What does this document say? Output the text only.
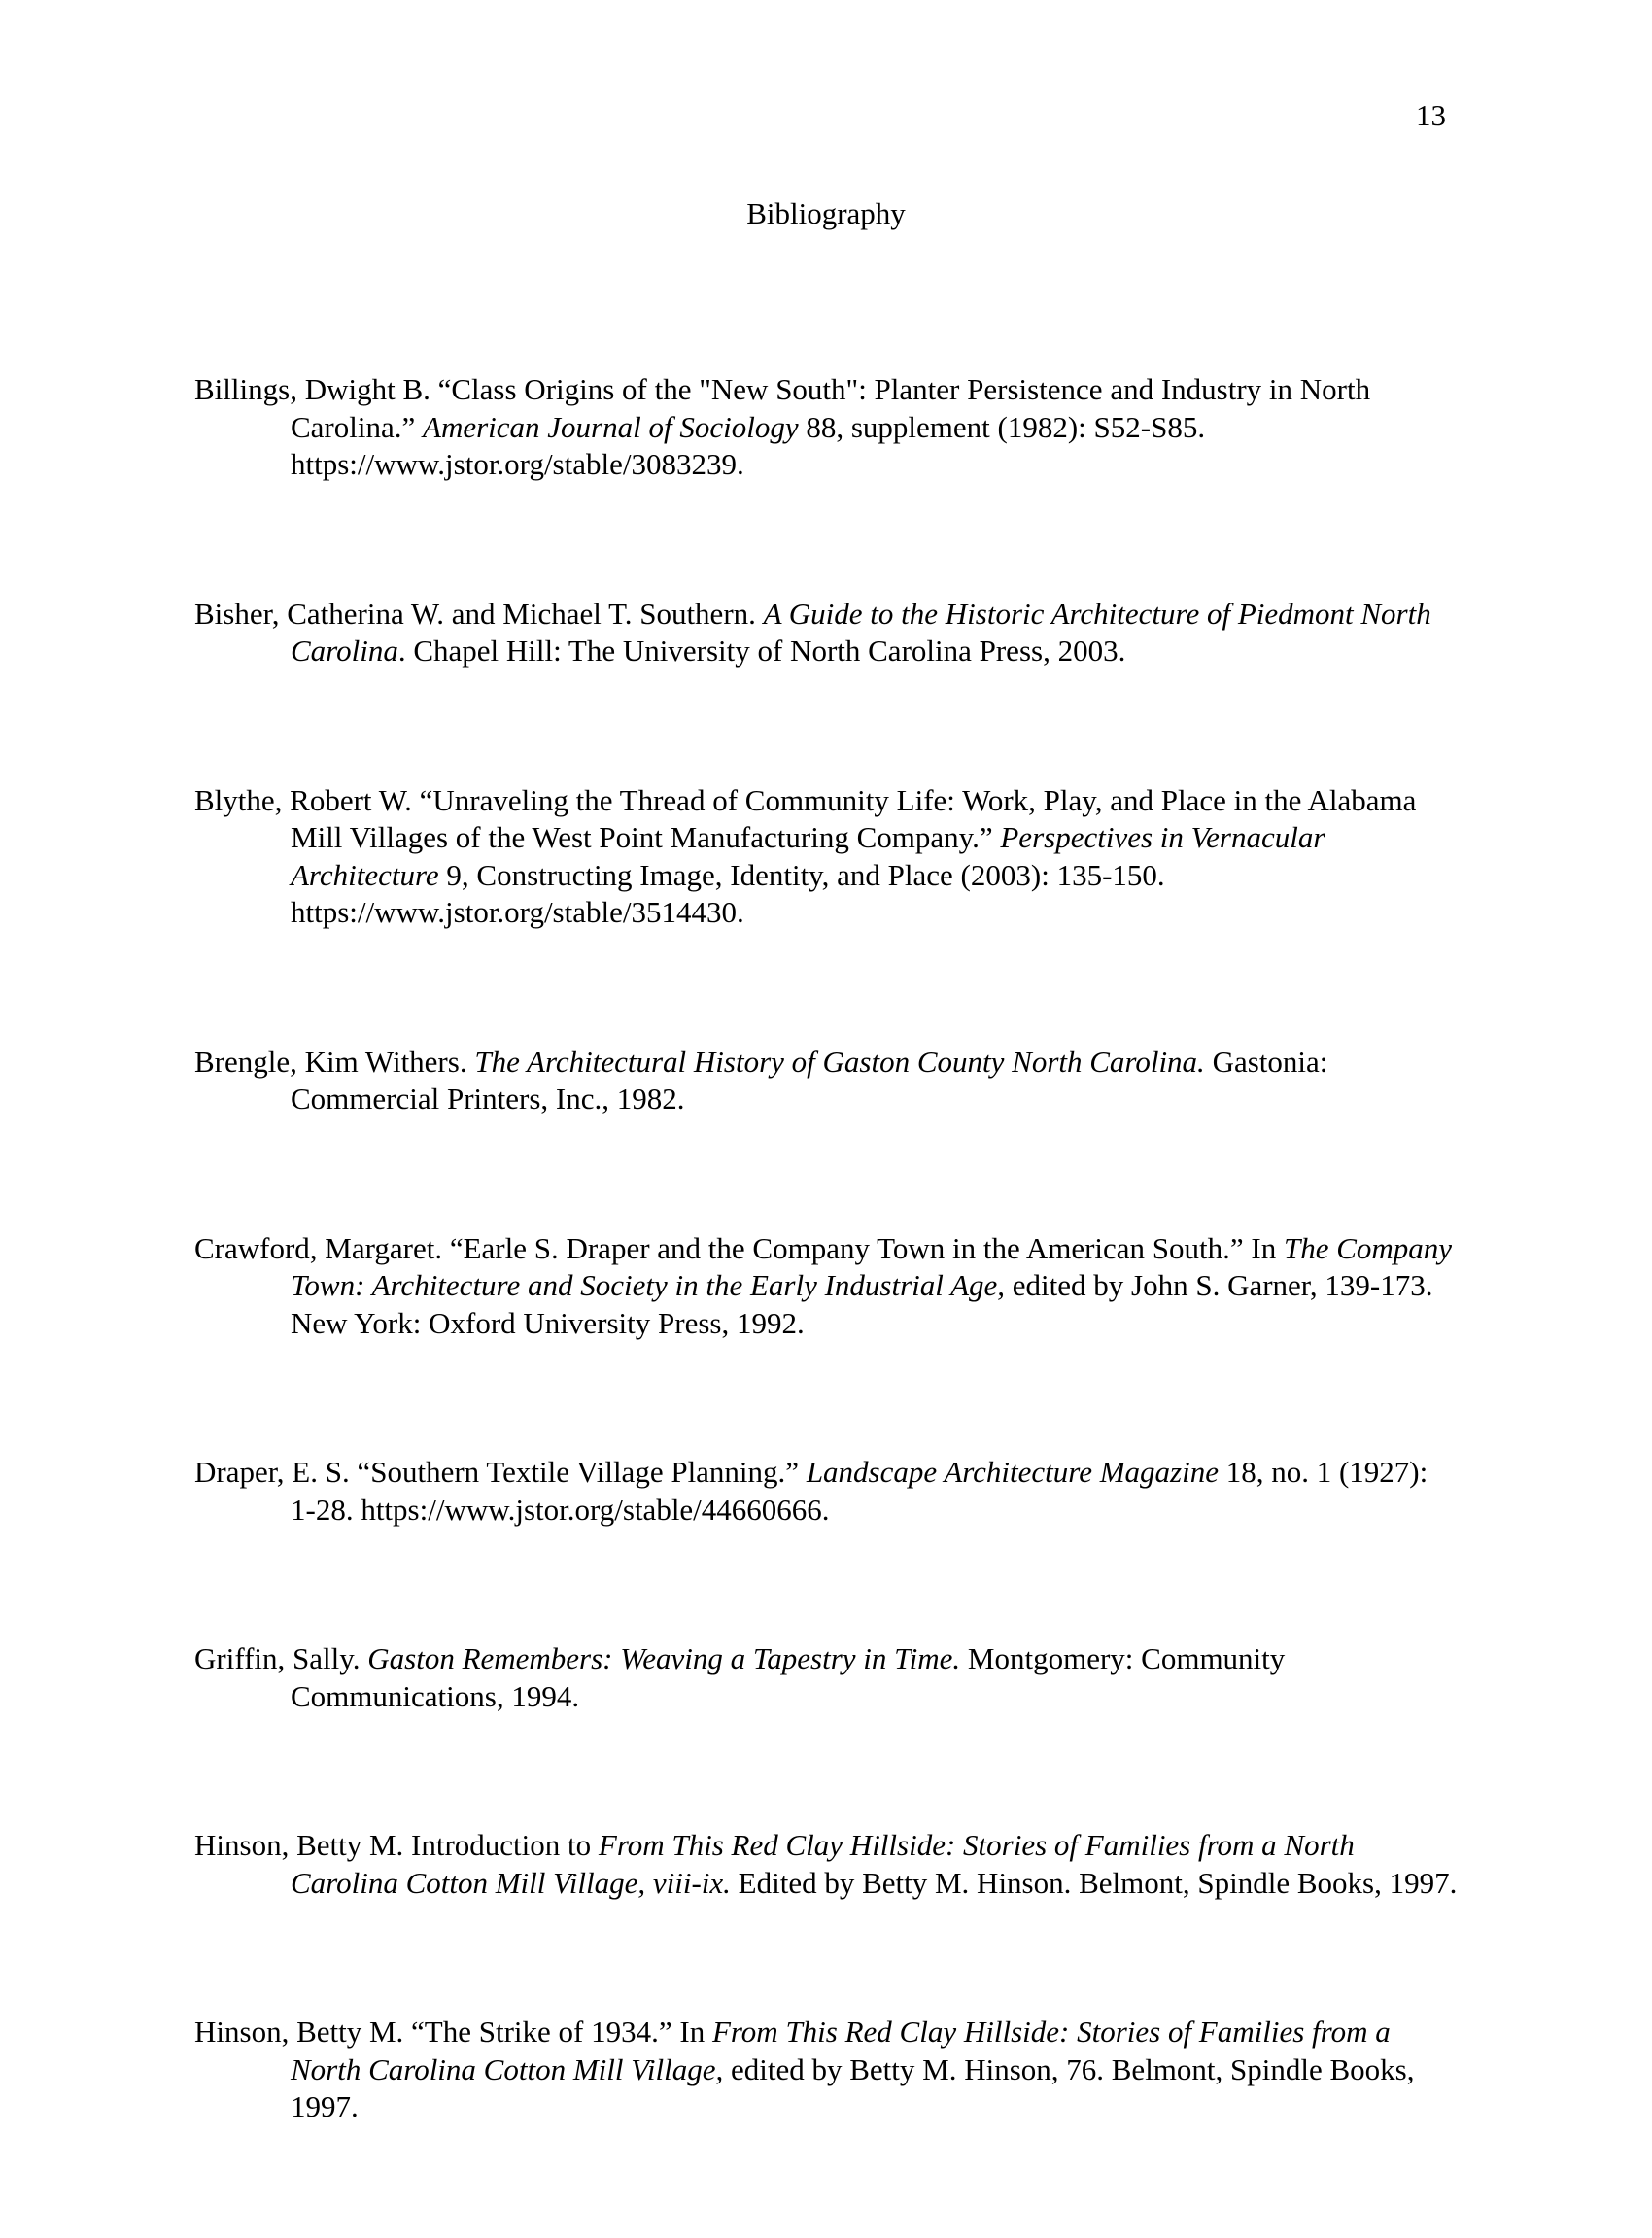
13
Bibliography

Billings, Dwight B. “Class Origins of the "New South": Planter Persistence and Industry in North Carolina.” American Journal of Sociology 88, supplement (1982): S52-S85. https://www.jstor.org/stable/3083239.

Bisher, Catherina W. and Michael T. Southern. A Guide to the Historic Architecture of Piedmont North Carolina. Chapel Hill: The University of North Carolina Press, 2003.

Blythe, Robert W. “Unraveling the Thread of Community Life: Work, Play, and Place in the Alabama Mill Villages of the West Point Manufacturing Company.” Perspectives in Vernacular Architecture 9, Constructing Image, Identity, and Place (2003): 135-150. https://www.jstor.org/stable/3514430.

Brengle, Kim Withers. The Architectural History of Gaston County North Carolina. Gastonia: Commercial Printers, Inc., 1982.

Crawford, Margaret. “Earle S. Draper and the Company Town in the American South.” In The Company Town: Architecture and Society in the Early Industrial Age, edited by John S. Garner, 139-173. New York: Oxford University Press, 1992.

Draper, E. S. “Southern Textile Village Planning.” Landscape Architecture Magazine 18, no. 1 (1927): 1-28. https://www.jstor.org/stable/44660666.

Griffin, Sally. Gaston Remembers: Weaving a Tapestry in Time. Montgomery: Community Communications, 1994.

Hinson, Betty M. Introduction to From This Red Clay Hillside: Stories of Families from a North Carolina Cotton Mill Village, viii-ix. Edited by Betty M. Hinson. Belmont, Spindle Books, 1997.

Hinson, Betty M. “The Strike of 1934.” In From This Red Clay Hillside: Stories of Families from a North Carolina Cotton Mill Village, edited by Betty M. Hinson, 76. Belmont, Spindle Books, 1997.
